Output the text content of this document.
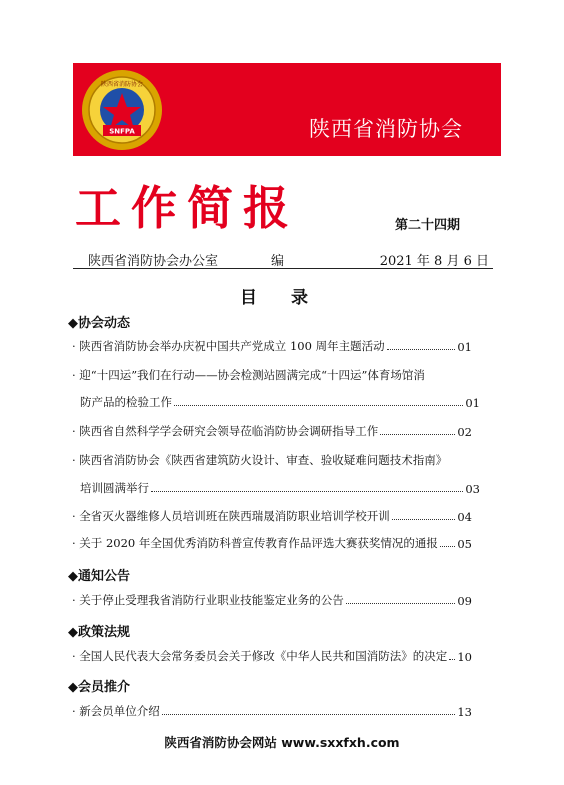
SNFPA
陕西省消防协会
陕西省消防协会
工作简报	第二十四期
陕西省消防协会办公室	编	2021 年 8 月 6 日
目录
◆协会动态
· 陕西省消防协会举办庆祝中国共产党成立 100 周年主题活动	01
· 迎“十四运”我们在行动——协会检测站圆满完成“十四运”体育场馆消
防产品的检验工作	01
· 陕西省自然科学学会研究会领导莅临消防协会调研指导工作	02
· 陕西省消防协会《陕西省建筑防火设计、审查、验收疑难问题技术指南》
培训圆满举行	03
· 全省灭火器维修人员培训班在陕西瑞晟消防职业培训学校开训	04
· 关于 2020 年全国优秀消防科普宣传教育作品评选大赛获奖情况的通报 05
◆通知公告
· 关于停止受理我省消防行业职业技能鉴定业务的公告	09
◆政策法规
· 全国人民代表大会常务委员会关于修改《中华人民共和国消防法》的决定 10
◆会员推介
· 新会员单位介绍	13
陕西省消防协会网站 www.sxxfxh.com
